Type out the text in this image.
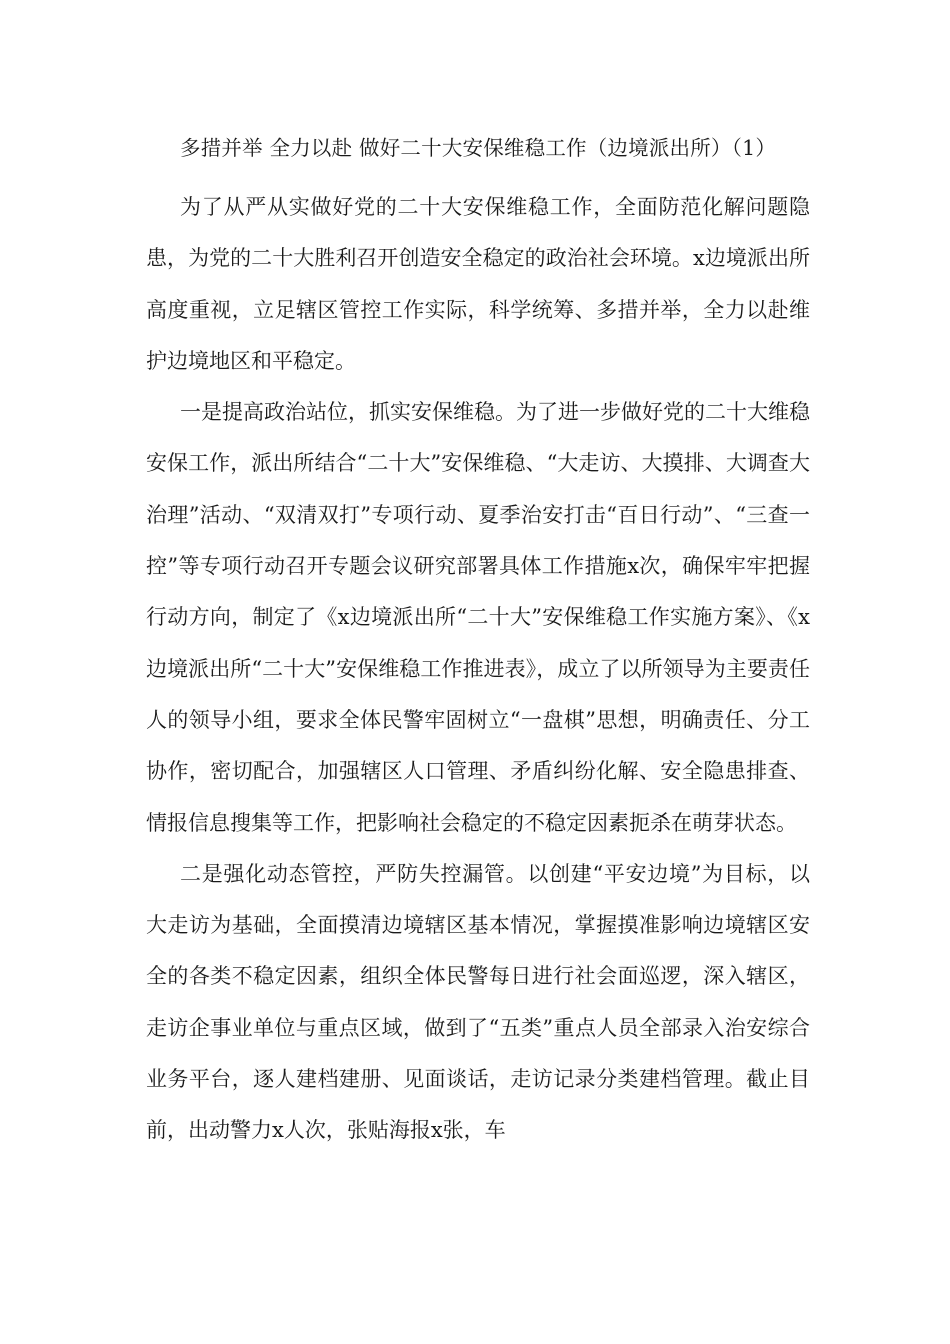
多措并举 全力以赴 做好二十大安保维稳工作（边境派出所）（1）

为了从严从实做好党的二十大安保维稳工作，全面防范化解问题隐患，为党的二十大胜利召开创造安全稳定的政治社会环境。x边境派出所高度重视，立足辖区管控工作实际，科学统筹、多措并举，全力以赴维护边境地区和平稳定。

一是提高政治站位，抓实安保维稳。为了进一步做好党的二十大维稳安保工作，派出所结合“二十大”安保维稳、“大走访、大摸排、大调查大治理”活动、“双清双打”专项行动、夏季治安打击“百日行动”、“三查一控”等专项行动召开专题会议研究部署具体工作措施x次，确保牢牢把握行动方向，制定了《x边境派出所“二十大”安保维稳工作实施方案》、《x边境派出所“二十大”安保维稳工作推进表》，成立了以所领导为主要责任人的领导小组，要求全体民警牢固树立“一盘棋”思想，明确责任、分工协作，密切配合，加强辖区人口管理、矛盾纠纷化解、安全隐患排查、情报信息搜集等工作，把影响社会稳定的不稳定因素扼杀在萌芽状态。

二是强化动态管控，严防失控漏管。以创建“平安边境”为目标，以大走访为基础，全面摸清边境辖区基本情况，掌握摸准影响边境辖区安全的各类不稳定因素，组织全体民警每日进行社会面巡逻，深入辖区，走访企事业单位与重点区域，做到了“五类”重点人员全部录入治安综合业务平台，逐人建档建册、见面谈话，走访记录分类建档管理。截止目前，出动警力x人次，张贴海报x张，车
